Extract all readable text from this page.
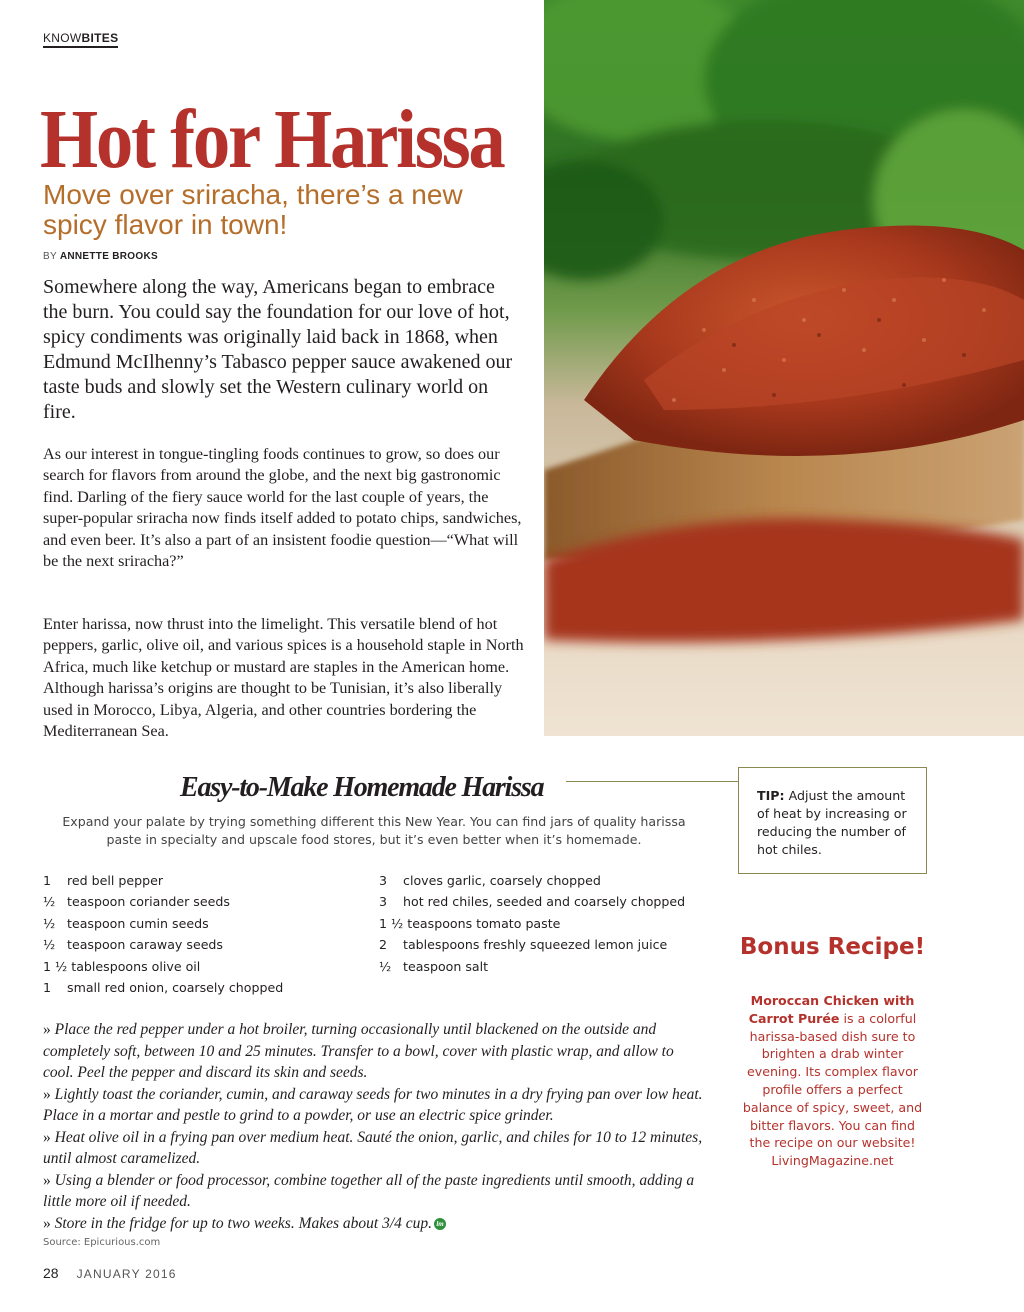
KNOWBITES
Hot for Harissa
Move over sriracha, there’s a new spicy flavor in town!
BY ANNETTE BROOKS

Somewhere along the way, Americans began to embrace the burn. You could say the foundation for our love of hot, spicy condiments was originally laid back in 1868, when Edmund McIlhenny’s Tabasco pepper sauce awakened our taste buds and slowly set the Western culinary world on fire.

As our interest in tongue-tingling foods continues to grow, so does our search for flavors from around the globe, and the next big gastronomic find. Darling of the fiery sauce world for the last couple of years, the super-popular sriracha now finds itself added to potato chips, sandwiches, and even beer. It’s also a part of an insistent foodie question—“What will be the next sriracha?”

Enter harissa, now thrust into the limelight. This versatile blend of hot peppers, garlic, olive oil, and various spices is a household staple in North Africa, much like ketchup or mustard are staples in the American home. Although harissa’s origins are thought to be Tunisian, it’s also liberally used in Morocco, Libya, Algeria, and other countries bordering the Mediterranean Sea.

Easy-to-Make Homemade Harissa

Expand your palate by trying something different this New Year. You can find jars of quality harissa paste in specialty and upscale food stores, but it’s even better when it’s homemade.

1 red bell pepper
½ teaspoon coriander seeds
½ teaspoon cumin seeds
½ teaspoon caraway seeds
1 ½ tablespoons olive oil
1 small red onion, coarsely chopped
3 cloves garlic, coarsely chopped
3 hot red chiles, seeded and coarsely chopped
1 ½ teaspoons tomato paste
2 tablespoons freshly squeezed lemon juice
½ teaspoon salt
» Place the red pepper under a hot broiler, turning occasionally until blackened on the outside and completely soft, between 10 and 25 minutes. Transfer to a bowl, cover with plastic wrap, and allow to cool. Peel the pepper and discard its skin and seeds.
» Lightly toast the coriander, cumin, and caraway seeds for two minutes in a dry frying pan over low heat. Place in a mortar and pestle to grind to a powder, or use an electric spice grinder.
» Heat olive oil in a frying pan over medium heat. Sauté the onion, garlic, and chiles for 10 to 12 minutes, until almost caramelized.
» Using a blender or food processor, combine together all of the paste ingredients until smooth, adding a little more oil if needed.
» Store in the fridge for up to two weeks. Makes about 3/4 cup. lm
Source: Epicurious.com
28 JANUARY 2016
TIP: Adjust the amount of heat by increasing or reducing the number of hot chiles.
Bonus Recipe!

Moroccan Chicken with Carrot Purée is a colorful harissa-based dish sure to brighten a drab winter evening. Its complex flavor profile offers a perfect balance of spicy, sweet, and bitter flavors. You can find the recipe on our website! LivingMagazine.net
